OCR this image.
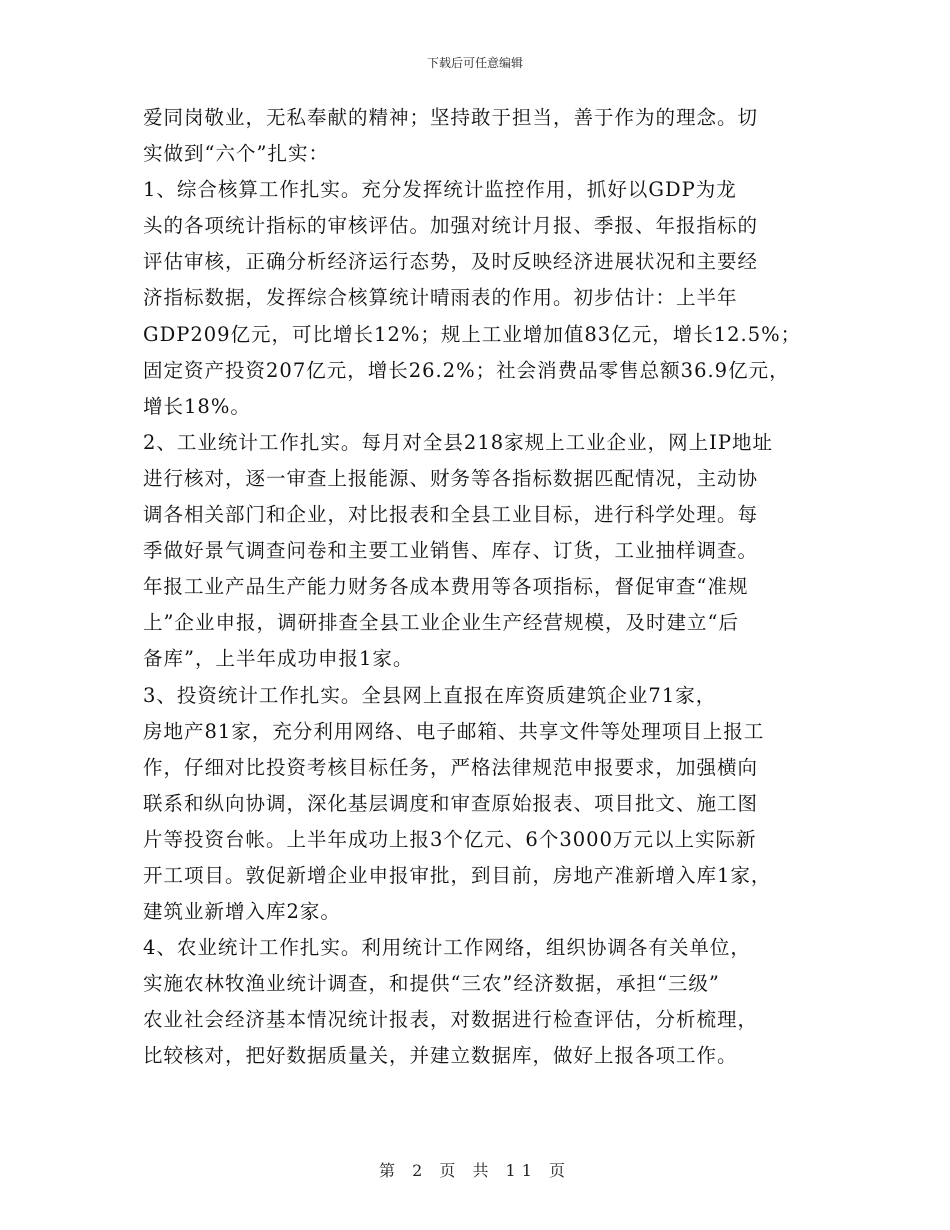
下载后可任意编辑

爱同岗敬业，无私奉献的精神；坚持敢于担当，善于作为的理念。切
实做到“六个”扎实：

1、综合核算工作扎实。充分发挥统计监控作用，抓好以GDP为龙
头的各项统计指标的审核评估。加强对统计月报、季报、年报指标的
评估审核，正确分析经济运行态势，及时反映经济进展状况和主要经
济指标数据，发挥综合核算统计晴雨表的作用。初步估计：上半年
GDP209亿元，可比增长12%；规上工业增加值83亿元，增长12.5%；
固定资产投资207亿元，增长26.2%；社会消费品零售总额36.9亿元，
增长18%。

2、工业统计工作扎实。每月对全县218家规上工业企业，网上IP地址
进行核对，逐一审查上报能源、财务等各指标数据匹配情况，主动协
调各相关部门和企业，对比报表和全县工业目标，进行科学处理。每
季做好景气调查问卷和主要工业销售、库存、订货，工业抽样调查。
年报工业产品生产能力财务各成本费用等各项指标，督促审查“准规
上”企业申报，调研排查全县工业企业生产经营规模，及时建立“后
备库”，上半年成功申报1家。

3、投资统计工作扎实。全县网上直报在库资质建筑企业71家，
房地产81家，充分利用网络、电子邮箱、共享文件等处理项目上报工
作，仔细对比投资考核目标任务，严格法律规范申报要求，加强横向
联系和纵向协调，深化基层调度和审查原始报表、项目批文、施工图
片等投资台帐。上半年成功上报3个亿元、6个3000万元以上实际新
开工项目。敦促新增企业申报审批，到目前，房地产准新增入库1家，
建筑业新增入库2家。

4、农业统计工作扎实。利用统计工作网络，组织协调各有关单位，
实施农林牧渔业统计调查，和提供“三农”经济数据，承担“三级”
农业社会经济基本情况统计报表，对数据进行检查评估，分析梳理，
比较核对，把好数据质量关，并建立数据库，做好上报各项工作。

第 2 页 共 11 页
